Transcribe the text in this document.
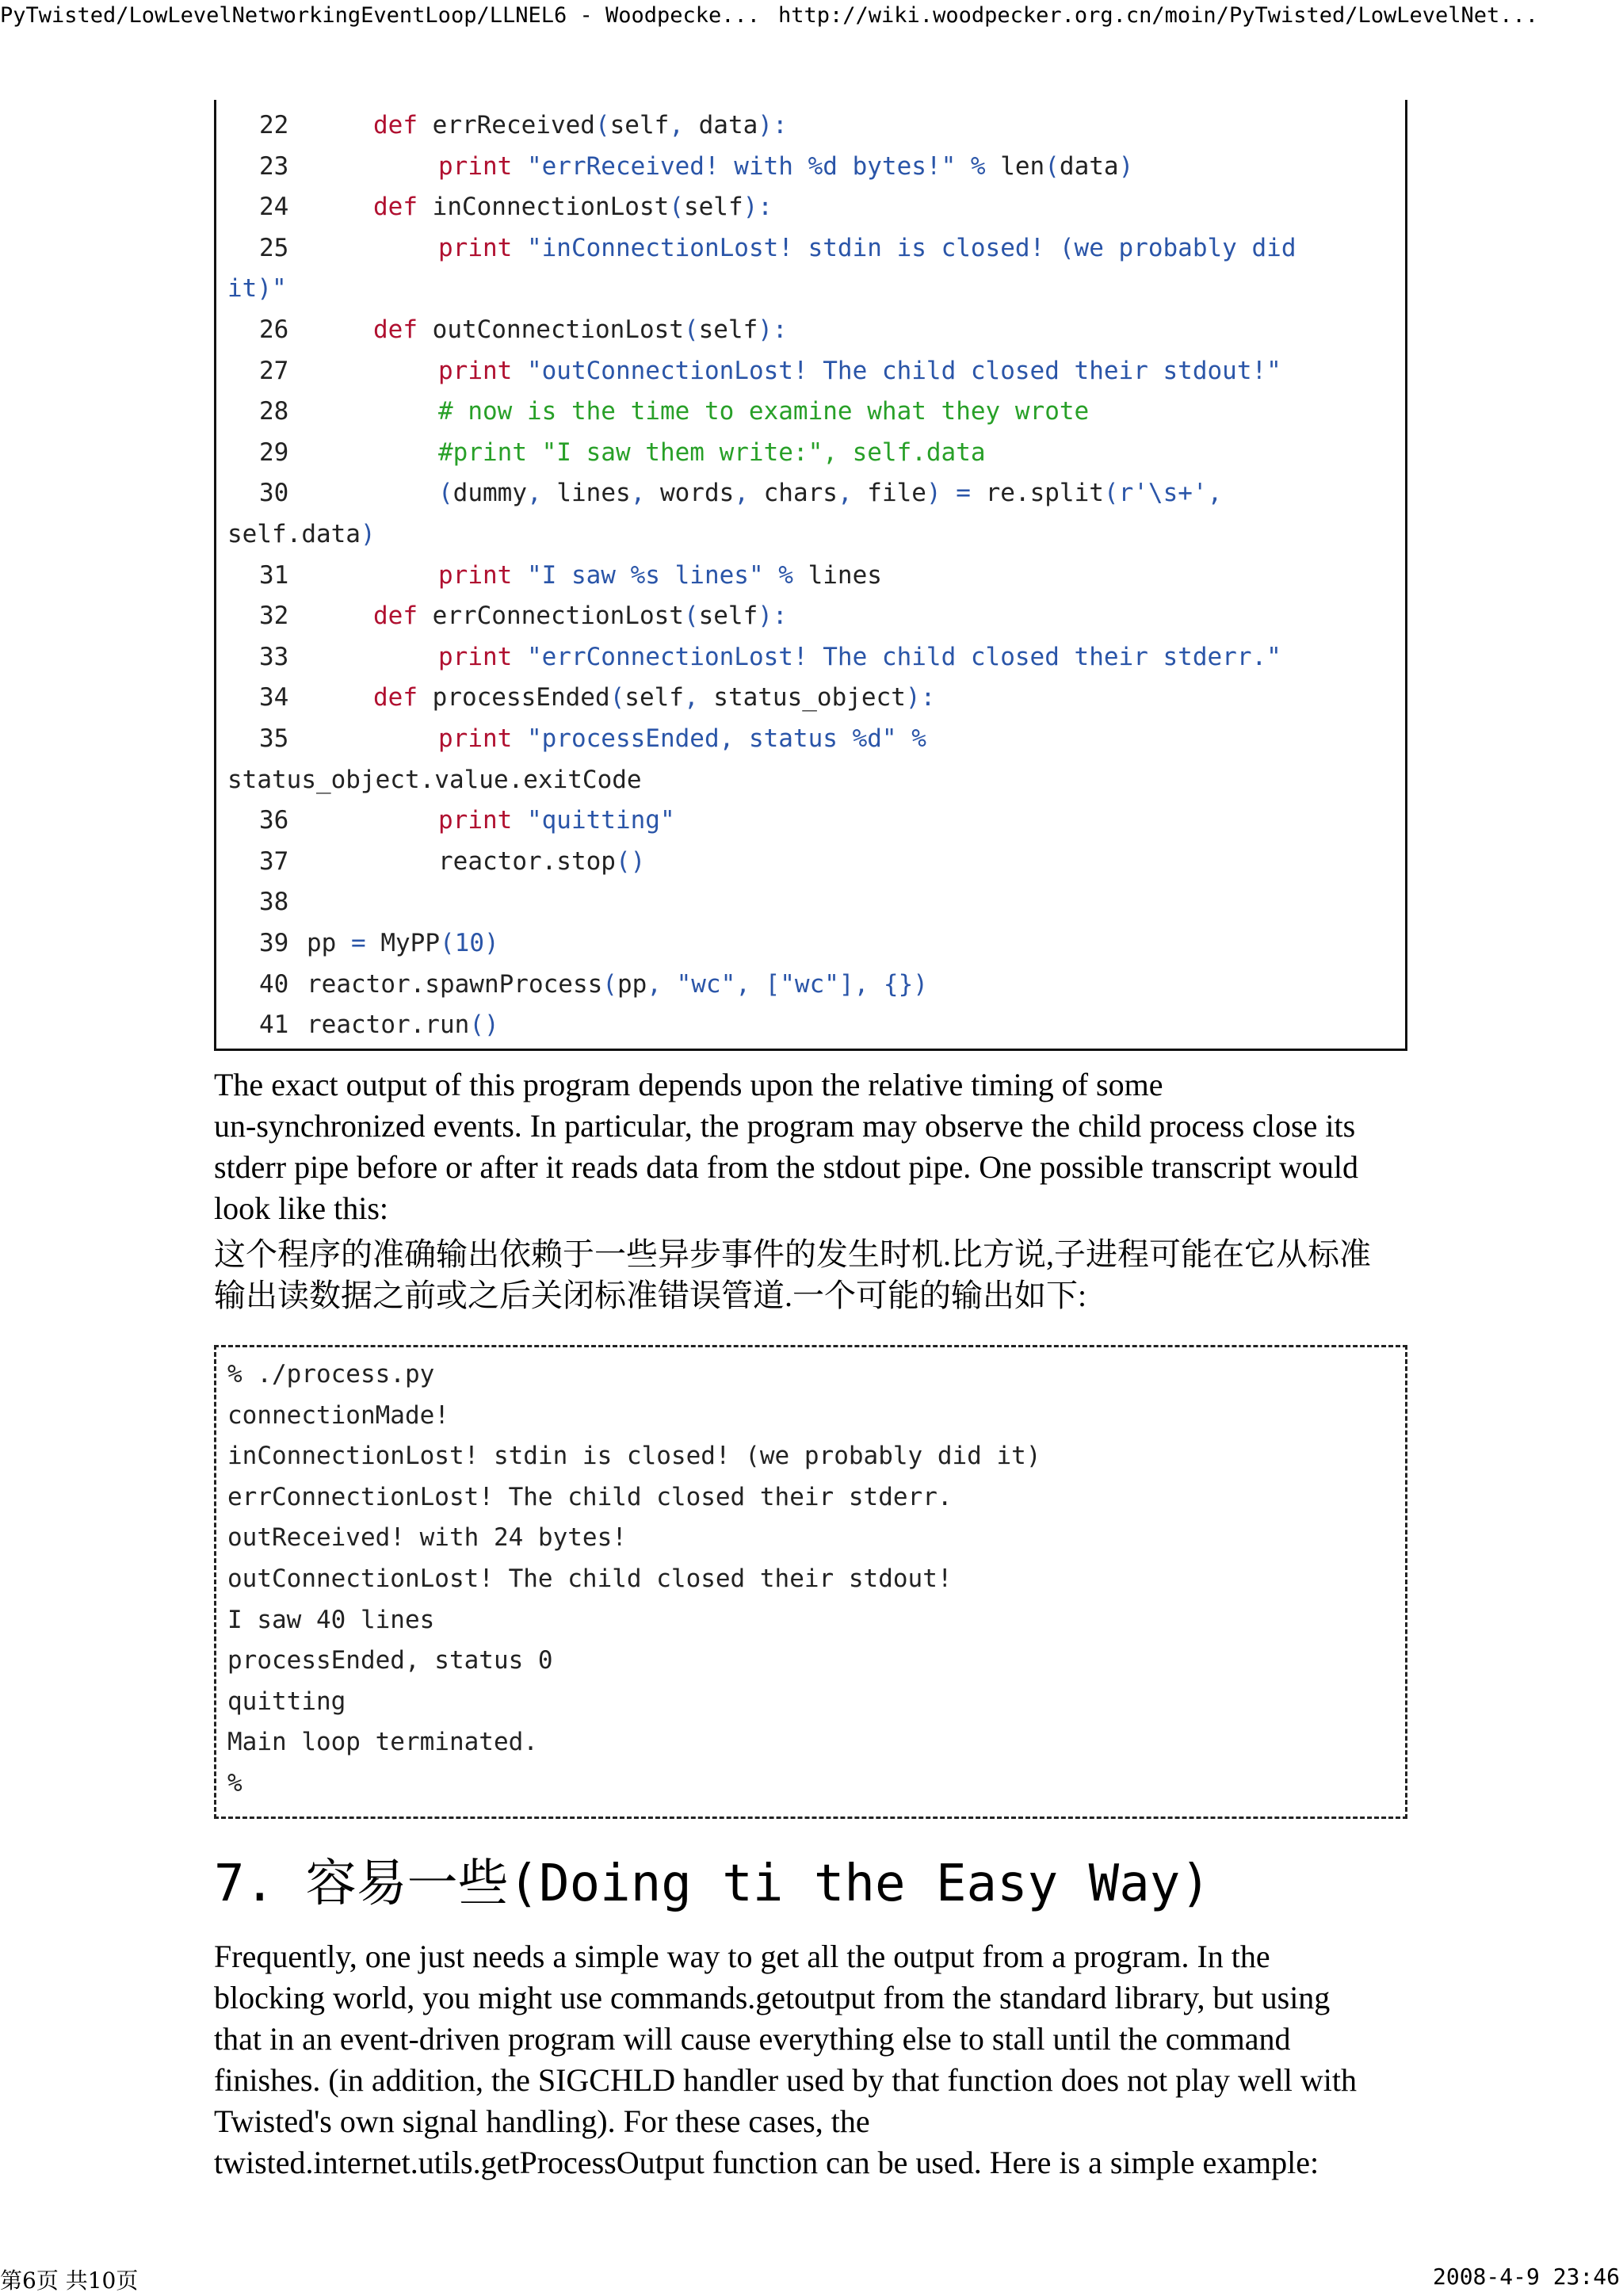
PyTwisted/LowLevelNetworkingEventLoop/LLNEL6 - Woodpecke... http://wiki.woodpecker.org.cn/moin/PyTwisted/LowLevelNet...
22	def errReceived(self, data):
23	print "errReceived! with %d bytes!" % len(data)
24	def inConnectionLost(self):
25	print "inConnectionLost! stdin is closed! (we probably did
it)"
26	def outConnectionLost(self):
27	print "outConnectionLost! The child closed their stdout!"
28	# now is the time to examine what they wrote
29	#print "I saw them write:", self.data
30	(dummy, lines, words, chars, file) = re.split(r'\s+',
self.data)
31	print "I saw %s lines" % lines
32	def errConnectionLost(self):
33	print "errConnectionLost! The child closed their stderr."
34	def processEnded(self, status_object):
35	print "processEnded, status %d" %
status_object.value.exitCode
36	print "quitting"
37	reactor.stop()
38
39 pp = MyPP(10)
40 reactor.spawnProcess(pp, "wc", ["wc"], {})
41 reactor.run()
The exact output of this program depends upon the relative timing of some
un-synchronized events. In particular, the program may observe the child process close its
stderr pipe before or after it reads data from the stdout pipe. One possible transcript would
look like this:
这个程序的准确输出依赖于一些异步事件的发生时机.比方说,子进程可能在它从标准
输出读数据之前或之后关闭标准错误管道.一个可能的输出如下:
% ./process.py
connectionMade!
inConnectionLost! stdin is closed! (we probably did it)
errConnectionLost! The child closed their stderr.
outReceived! with 24 bytes!
outConnectionLost! The child closed their stdout!
I saw 40 lines
processEnded, status 0
quitting
Main loop terminated.
%
7. 容易一些(Doing ti the Easy Way)
Frequently, one just needs a simple way to get all the output from a program. In the
blocking world, you might use commands.getoutput from the standard library, but using
that in an event-driven program will cause everything else to stall until the command
finishes. (in addition, the SIGCHLD handler used by that function does not play well with
Twisted's own signal handling). For these cases, the
twisted.internet.utils.getProcessOutput function can be used. Here is a simple example:
第6页 共10页	2008-4-9 23:46
